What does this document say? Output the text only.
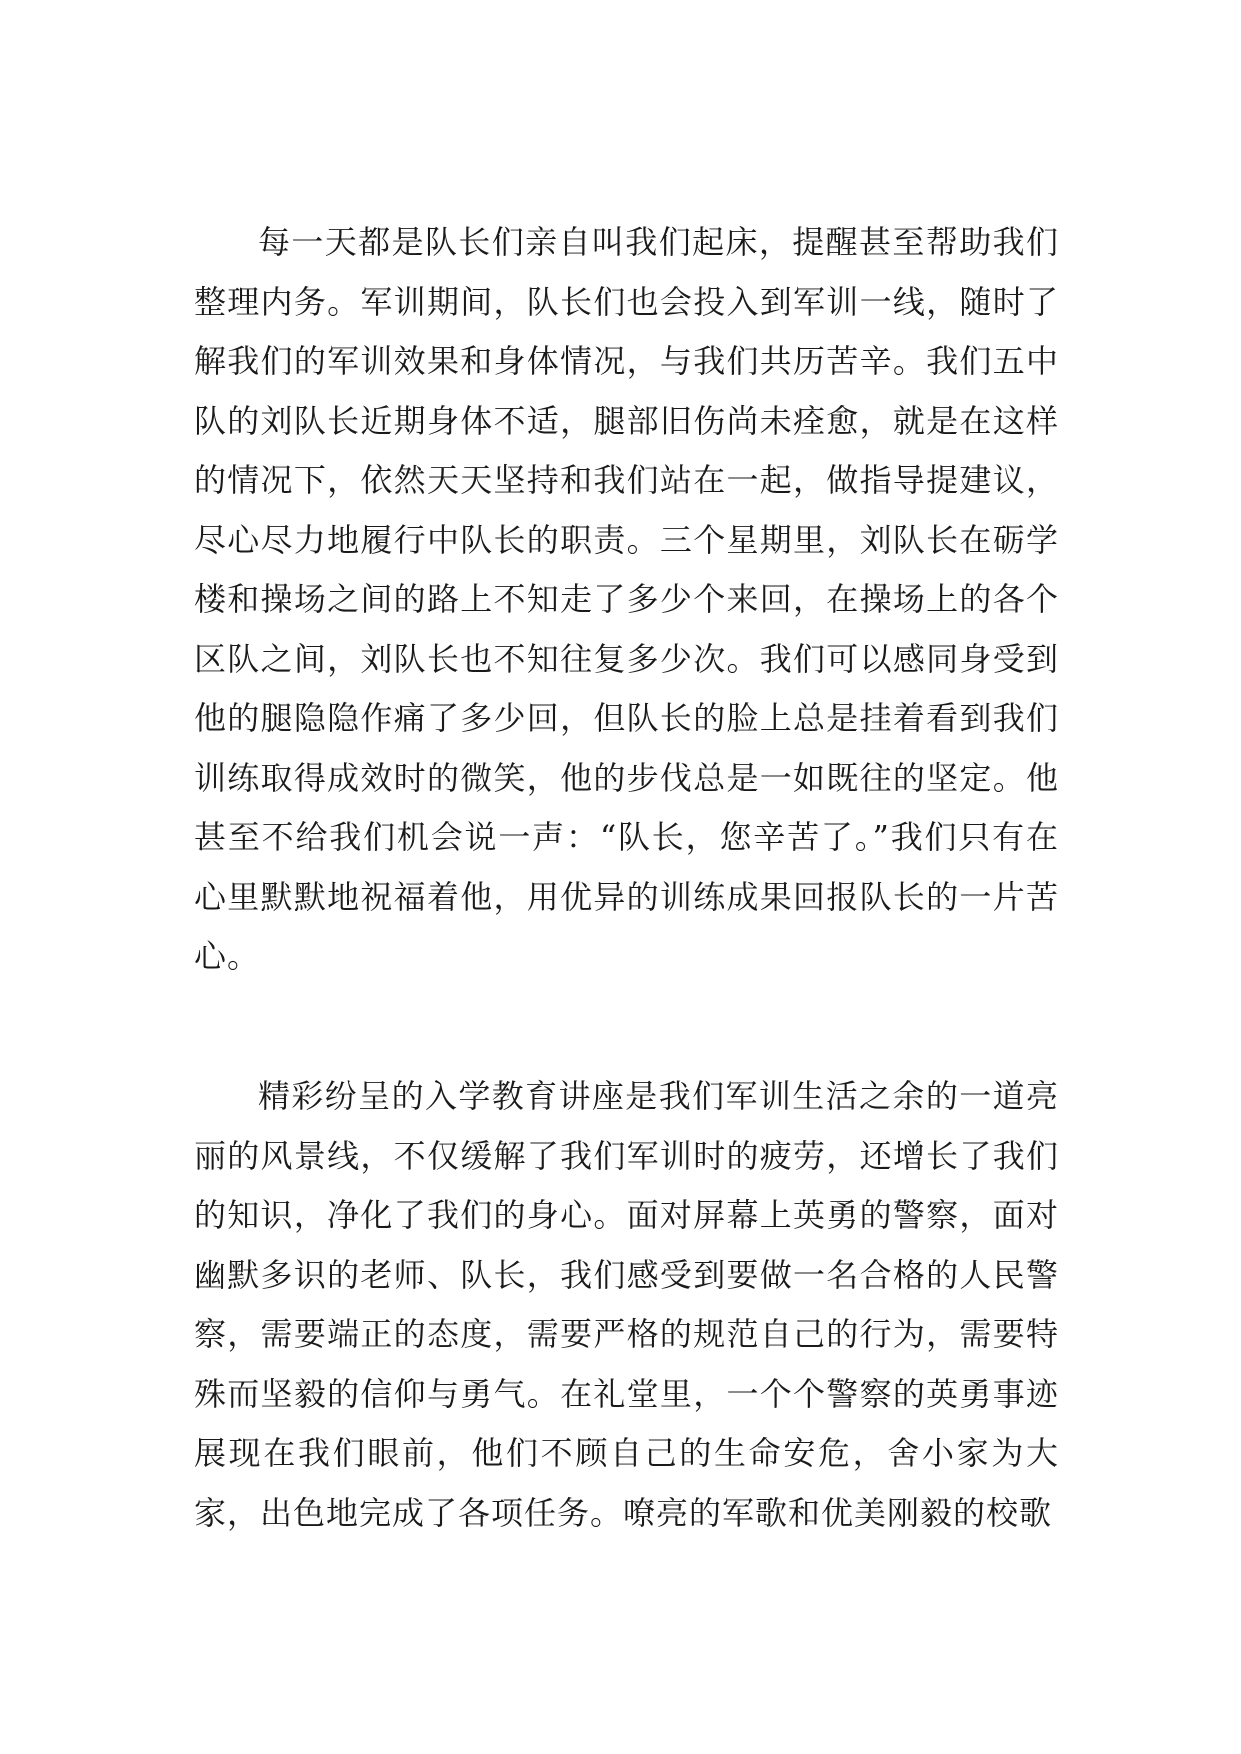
每一天都是队长们亲自叫我们起床，提醒甚至帮助我们整理内务。军训期间，队长们也会投入到军训一线，随时了解我们的军训效果和身体情况，与我们共历苦辛。我们五中队的刘队长近期身体不适，腿部旧伤尚未痊愈，就是在这样的情况下，依然天天坚持和我们站在一起，做指导提建议，尽心尽力地履行中队长的职责。三个星期里，刘队长在砺学楼和操场之间的路上不知走了多少个来回，在操场上的各个区队之间，刘队长也不知往复多少次。我们可以感同身受到他的腿隐隐作痛了多少回，但队长的脸上总是挂着看到我们训练取得成效时的微笑，他的步伐总是一如既往的坚定。他甚至不给我们机会说一声：“队长，您辛苦了。”我们只有在心里默默地祝福着他，用优异的训练成果回报队长的一片苦心。

精彩纷呈的入学教育讲座是我们军训生活之余的一道亮丽的风景线，不仅缓解了我们军训时的疲劳，还增长了我们的知识，净化了我们的身心。面对屏幕上英勇的警察，面对幽默多识的老师、队长，我们感受到要做一名合格的人民警察，需要端正的态度，需要严格的规范自己的行为，需要特殊而坚毅的信仰与勇气。在礼堂里，一个个警察的英勇事迹展现在我们眼前，他们不顾自己的生命安危，舍小家为大家，出色地完成了各项任务。嘹亮的军歌和优美刚毅的校歌
